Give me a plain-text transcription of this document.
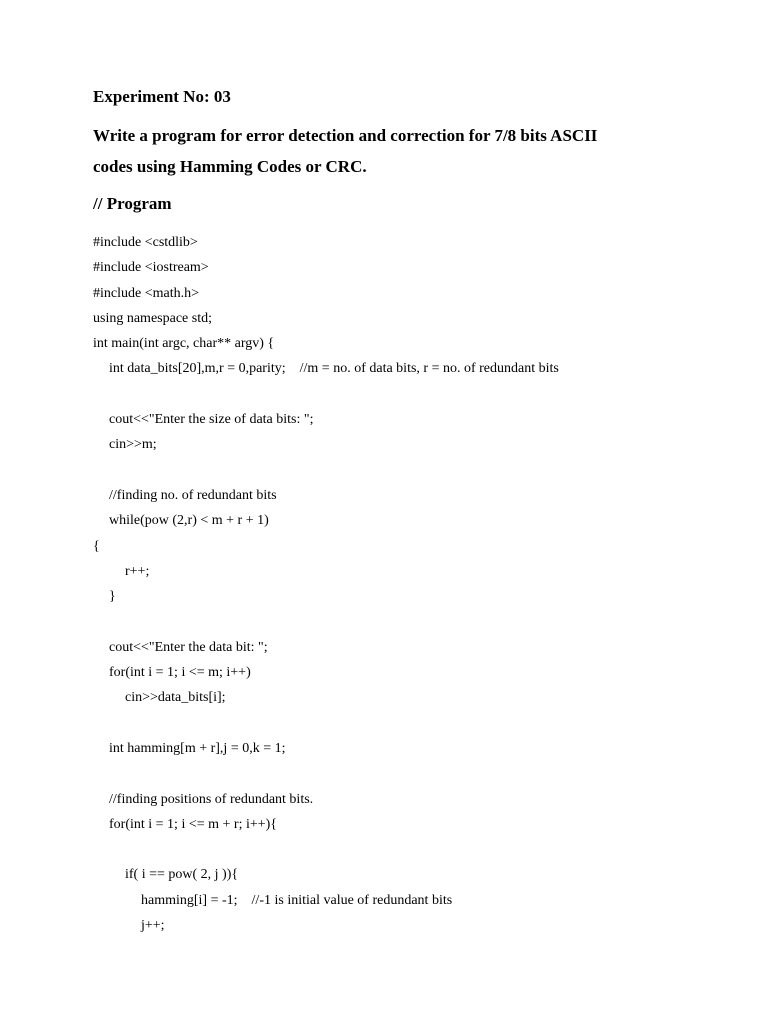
Experiment No: 03
Write a program for error detection and correction for 7/8 bits ASCII
codes using Hamming Codes or CRC.
// Program
#include <cstdlib>
#include <iostream>
#include <math.h>
using namespace std;
int main(int argc, char** argv) {
int data_bits[20],m,r = 0,parity;    //m = no. of data bits, r = no. of redundant bits
cout<<"Enter the size of data bits: ";
cin>>m;
//finding no. of redundant bits
while(pow (2,r) < m + r + 1)
{
r++;
}
cout<<"Enter the data bit: ";
for(int i = 1; i <= m; i++)
cin>>data_bits[i];
int hamming[m + r],j = 0,k = 1;
//finding positions of redundant bits.
for(int i = 1; i <= m + r; i++){
if( i == pow( 2, j )){
hamming[i] = -1;    //-1 is initial value of redundant bits
j++;
